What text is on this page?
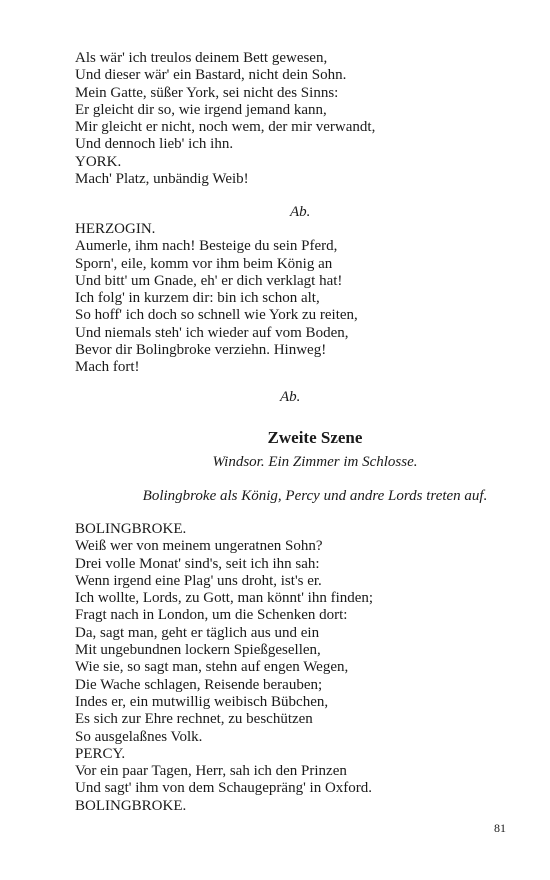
Als wär' ich treulos deinem Bett gewesen,
Und dieser wär' ein Bastard, nicht dein Sohn.
Mein Gatte, süßer York, sei nicht des Sinns:
Er gleicht dir so, wie irgend jemand kann,
Mir gleicht er nicht, noch wem, der mir verwandt,
Und dennoch lieb' ich ihn.
YORK.
Mach' Platz, unbändig Weib!
Ab.
HERZOGIN.
Aumerle, ihm nach! Besteige du sein Pferd,
Sporn', eile, komm vor ihm beim König an
Und bitt' um Gnade, eh' er dich verklagt hat!
Ich folg' in kurzem dir: bin ich schon alt,
So hoff' ich doch so schnell wie York zu reiten,
Und niemals steh' ich wieder auf vom Boden,
Bevor dir Bolingbroke verziehn. Hinweg!
Mach fort!
Ab.
Zweite Szene
Windsor. Ein Zimmer im Schlosse.
Bolingbroke als König, Percy und andre Lords treten auf.
BOLINGBROKE.
Weiß wer von meinem ungeratnen Sohn?
Drei volle Monat' sind's, seit ich ihn sah:
Wenn irgend eine Plag' uns droht, ist's er.
Ich wollte, Lords, zu Gott, man könnt' ihn finden;
Fragt nach in London, um die Schenken dort:
Da, sagt man, geht er täglich aus und ein
Mit ungebundnen lockern Spießgesellen,
Wie sie, so sagt man, stehn auf engen Wegen,
Die Wache schlagen, Reisende berauben;
Indes er, ein mutwillig weibisch Bübchen,
Es sich zur Ehre rechnet, zu beschützen
So ausgelaßnes Volk.
PERCY.
Vor ein paar Tagen, Herr, sah ich den Prinzen
Und sagt' ihm von dem Schaugepräng' in Oxford.
BOLINGBROKE.
81
